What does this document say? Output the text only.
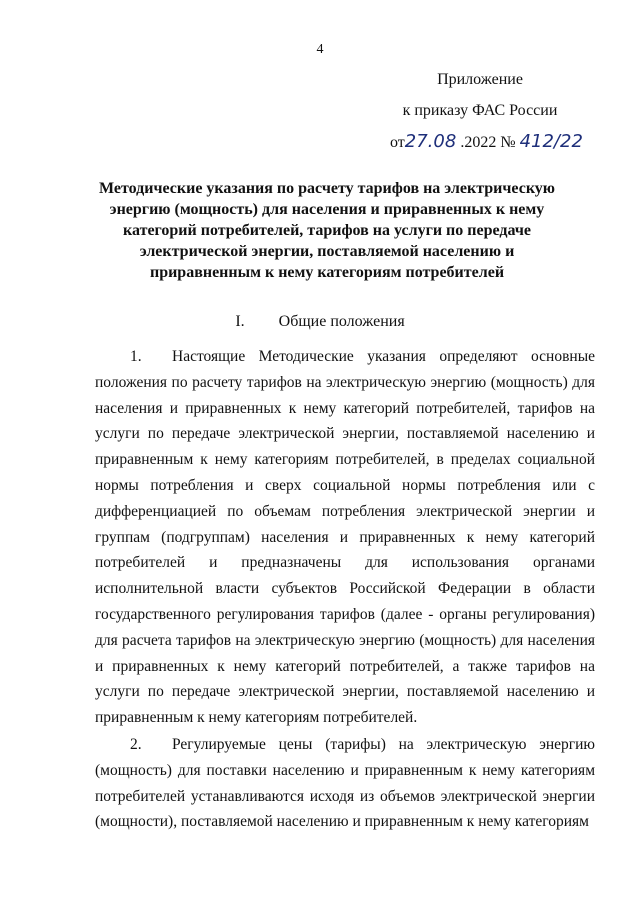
4
Приложение
к приказу ФАС России
от27.08 .2022 № 412/22
Методические указания по расчету тарифов на электрическую энергию (мощность) для населения и приравненных к нему категорий потребителей, тарифов на услуги по передаче электрической энергии, поставляемой населению и приравненным к нему категориям потребителей
I. Общие положения

1. Настоящие Методические указания определяют основные положения по расчету тарифов на электрическую энергию (мощность) для населения и приравненных к нему категорий потребителей, тарифов на услуги по передаче электрической энергии, поставляемой населению и приравненным к нему категориям потребителей, в пределах социальной нормы потребления и сверх социальной нормы потребления или с дифференциацией по объемам потребления электрической энергии и группам (подгруппам) населения и приравненных к нему категорий потребителей и предназначены для использования органами исполнительной власти субъектов Российской Федерации в области государственного регулирования тарифов (далее - органы регулирования) для расчета тарифов на электрическую энергию (мощность) для населения и приравненных к нему категорий потребителей, а также тарифов на услуги по передаче электрической энергии, поставляемой населению и приравненным к нему категориям потребителей.

2. Регулируемые цены (тарифы) на электрическую энергию (мощность) для поставки населению и приравненным к нему категориям потребителей устанавливаются исходя из объемов электрической энергии (мощности), поставляемой населению и приравненным к нему категориям
